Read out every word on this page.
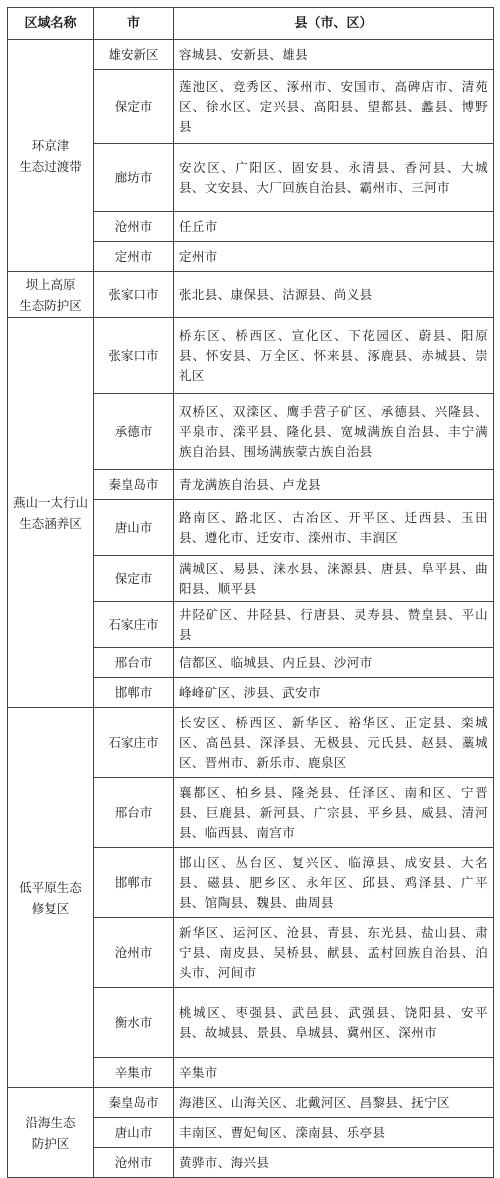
区域名称	市	县（市、区）

环京津
生态过渡带	雄安新区	容城县、安新县、雄县
	保定市	莲池区、竞秀区、涿州市、安国市、高碑店市、清苑区、徐水区、定兴县、高阳县、望都县、蠡县、博野县
	廊坊市	安次区、广阳区、固安县、永清县、香河县、大城县、文安县、大厂回族自治县、霸州市、三河市
	沧州市	任丘市
	定州市	定州市

坝上高原
生态防护区	张家口市	张北县、康保县、沽源县、尚义县

燕山一太行山
生态涵养区	张家口市	桥东区、桥西区、宣化区、下花园区、蔚县、阳原县、怀安县、万全区、怀来县、涿鹿县、赤城县、崇礼区
	承德市	双桥区、双滦区、鹰手营子矿区、承德县、兴隆县、平泉市、滦平县、隆化县、宽城满族自治县、丰宁满族自治县、围场满族蒙古族自治县
	秦皇岛市	青龙满族自治县、卢龙县
	唐山市	路南区、路北区、古冶区、开平区、迁西县、玉田县、遵化市、迁安市、滦州市、丰润区
	保定市	满城区、易县、涞水县、涞源县、唐县、阜平县、曲阳县、顺平县
	石家庄市	井陉矿区、井陉县、行唐县、灵寿县、赞皇县、平山县
	邢台市	信都区、临城县、内丘县、沙河市
	邯郸市	峰峰矿区、涉县、武安市

低平原生态
修复区	石家庄市	长安区、桥西区、新华区、裕华区、正定县、栾城区、高邑县、深泽县、无极县、元氏县、赵县、藁城区、晋州市、新乐市、鹿泉区
	邢台市	襄都区、柏乡县、隆尧县、任泽区、南和区、宁晋县、巨鹿县、新河县、广宗县、平乡县、威县、清河县、临西县、南宫市
	邯郸市	邯山区、丛台区、复兴区、临漳县、成安县、大名县、磁县、肥乡区、永年区、邱县、鸡泽县、广平县、馆陶县、魏县、曲周县
	沧州市	新华区、运河区、沧县、青县、东光县、盐山县、肃宁县、南皮县、吴桥县、献县、孟村回族自治县、泊头市、河间市
	衡水市	桃城区、枣强县、武邑县、武强县、饶阳县、安平县、故城县、景县、阜城县、冀州区、深州市
	辛集市	辛集市

沿海生态
防护区	秦皇岛市	海港区、山海关区、北戴河区、昌黎县、抚宁区
	唐山市	丰南区、曹妃甸区、滦南县、乐亭县
	沧州市	黄骅市、海兴县
